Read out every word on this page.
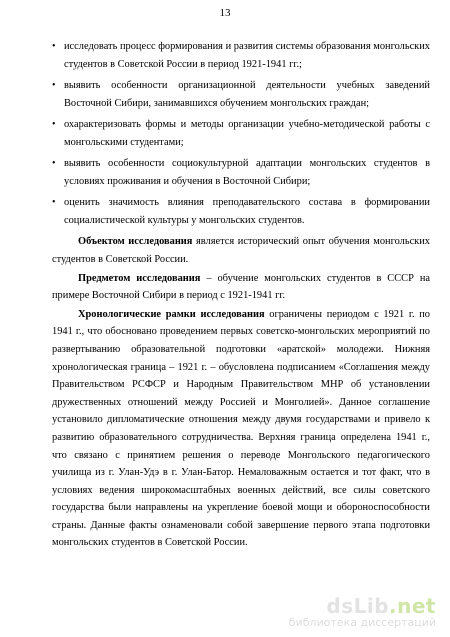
13
• исследовать процесс формирования и развития системы образования монгольских студентов в Советской России в период 1921-1941 гг.;
• выявить особенности организационной деятельности учебных заведений Восточной Сибири, занимавшихся обучением монгольских граждан;
• охарактеризовать формы и методы организации учебно-методической работы с монгольскими студентами;
• выявить особенности социокультурной адаптации монгольских студентов в условиях проживания и обучения в Восточной Сибири;
• оценить значимость влияния преподавательского состава в формировании социалистической культуры у монгольских студентов.

Объектом исследования является исторический опыт обучения монгольских студентов в Советской России.

Предметом исследования – обучение монгольских студентов в СССР на примере Восточной Сибири в период с 1921-1941 гг.

Хронологические рамки исследования ограничены периодом с 1921 г. по 1941 г., что обосновано проведением первых советско-монгольских мероприятий по развертыванию образовательной подготовки «аратской» молодежи. Нижняя хронологическая граница – 1921 г. – обусловлена подписанием «Соглашения между Правительством РСФСР и Народным Правительством МНР об установлении дружественных отношений между Россией и Монголией». Данное соглашение установило дипломатические отношения между двумя государствами и привело к развитию образовательного сотрудничества. Верхняя граница определена 1941 г., что связано с принятием решения о переводе Монгольского педагогического училища из г. Улан-Удэ в г. Улан-Батор. Немаловажным остается и тот факт, что в условиях ведения широкомасштабных военных действий, все силы советского государства были направлены на укрепление боевой мощи и обороноспособности страны. Данные факты ознаменовали собой завершение первого этапа подготовки монгольских студентов в Советской России.

dsLib.net
библиотека диссертаций
